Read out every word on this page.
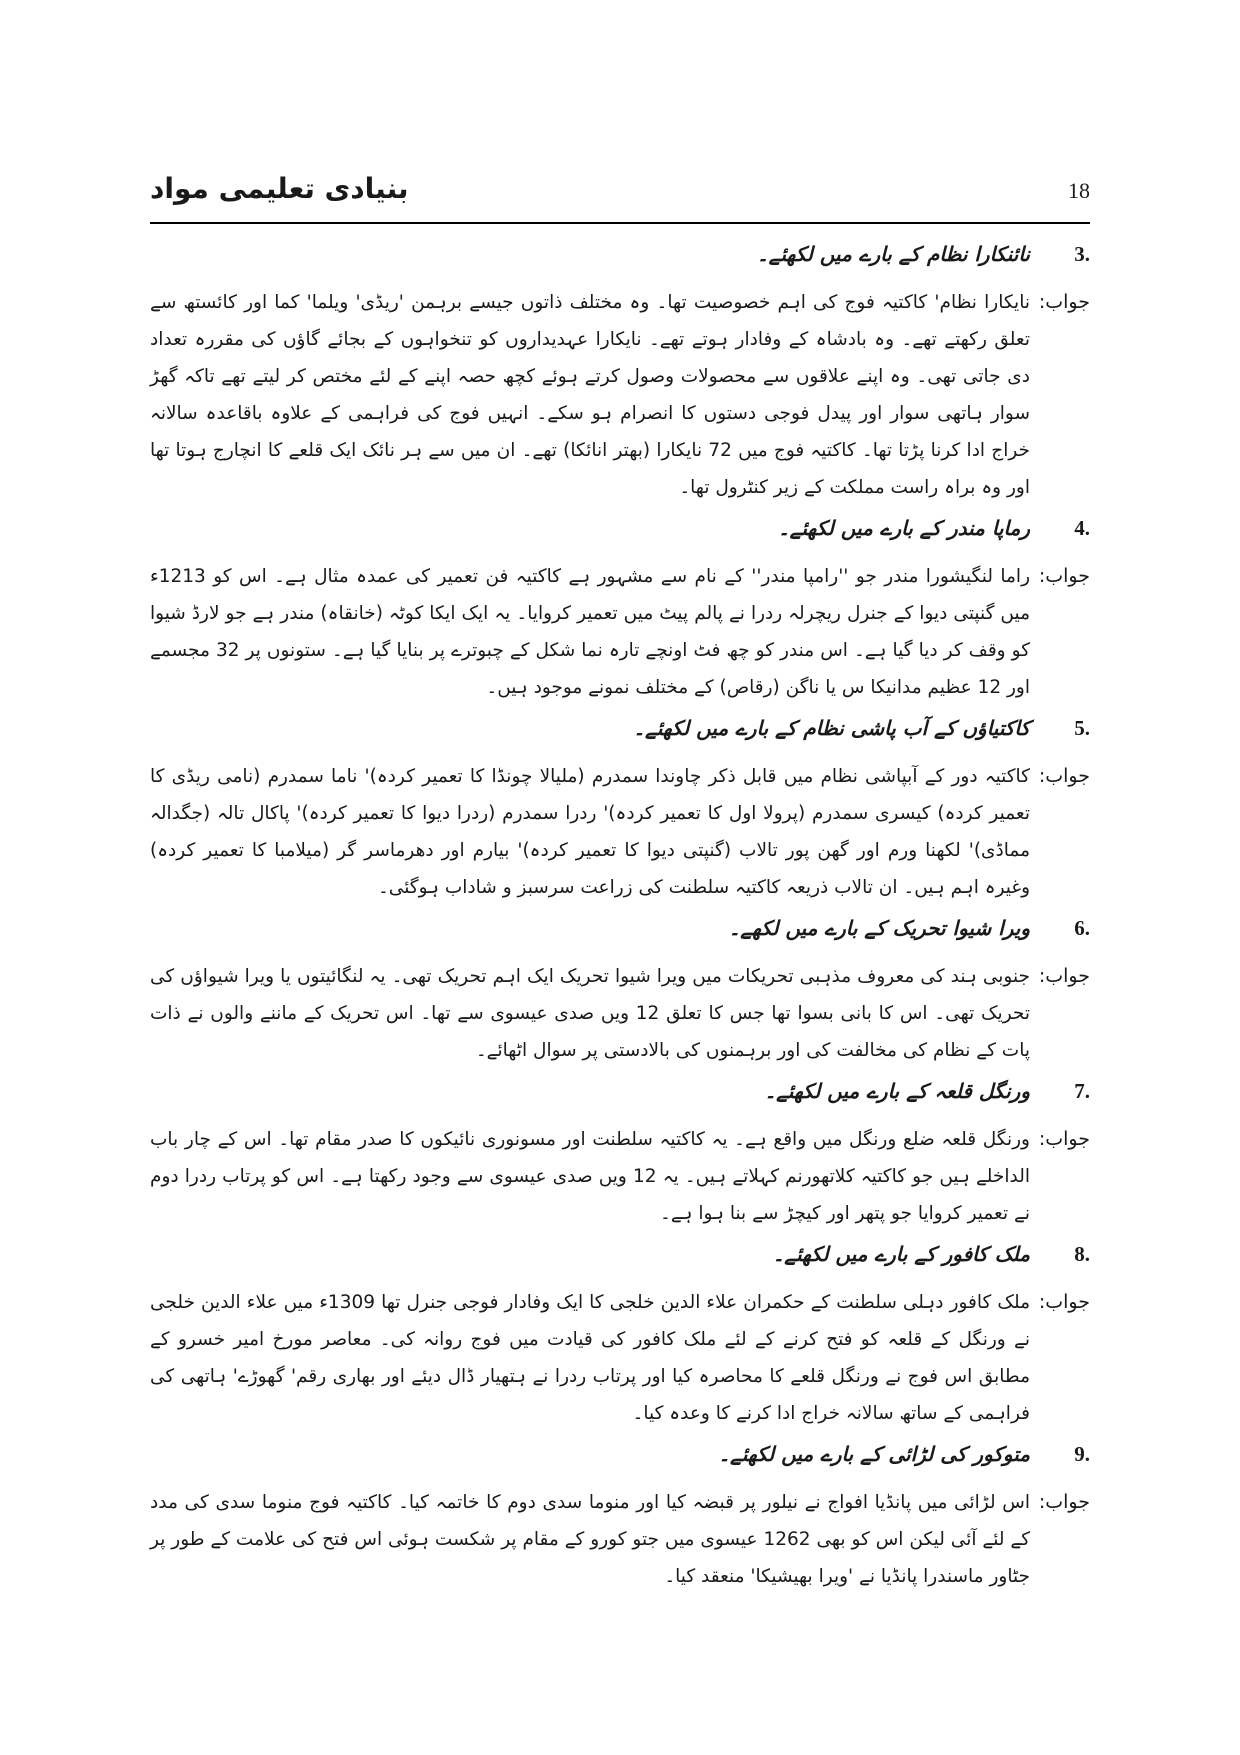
بنیادی تعلیمی مواد	18
3.
نائنکارا نظام کے بارے میں لکھئے۔
جواب:
نایکارا نظام' کاکتیہ فوج کی اہم خصوصیت تھا۔ وہ مختلف ذاتوں جیسے برہمن 'ریڈی' ویلما' کما اور کائستھ سے تعلق رکھتے تھے۔ وہ بادشاہ کے وفادار ہوتے تھے۔ نایکارا عہدیداروں کو تنخواہوں کے بجائے گاؤں کی مقررہ تعداد دی جاتی تھی۔ وہ اپنے علاقوں سے محصولات وصول کرتے ہوئے کچھ حصہ اپنے کے لئے مختص کر لیتے تھے تاکہ گھڑ سوار ہاتھی سوار اور پیدل فوجی دستوں کا انصرام ہو سکے۔ انہیں فوج کی فراہمی کے علاوہ باقاعدہ سالانہ خراج ادا کرنا پڑتا تھا۔ کاکتیہ فوج میں 72 نایکارا (بھتر انائکا) تھے۔ ان میں سے ہر نائک ایک قلعے کا انچارج ہوتا تھا اور وہ براہ راست مملکت کے زیر کنٹرول تھا۔
4.
رماپا مندر کے بارے میں لکھئے۔
جواب:
راما لنگیشورا مندر جو ''رامپا مندر'' کے نام سے مشہور ہے کاکتیہ فن تعمیر کی عمدہ مثال ہے۔ اس کو 1213ء میں گنپتی دیوا کے جنرل ریچرلہ ردرا نے پالم پیٹ میں تعمیر کروایا۔ یہ ایک ایکا کوٹہ (خانقاہ) مندر ہے جو لارڈ شیوا کو وقف کر دیا گیا ہے۔ اس مندر کو چھ فٹ اونچے تارہ نما شکل کے چبوترے پر بنایا گیا ہے۔ ستونوں پر 32 مجسمے اور 12 عظیم مدانیکا س یا ناگن (رقاص) کے مختلف نمونے موجود ہیں۔
5.
کاکتیاؤں کے آب پاشی نظام کے بارے میں لکھئے۔
جواب:
کاکتیہ دور کے آبپاشی نظام میں قابل ذکر چاوندا سمدرم (ملیالا چونڈا کا تعمیر کردہ)' ناما سمدرم (نامی ریڈی کا تعمیر کردہ) کیسری سمدرم (پرولا اول کا تعمیر کردہ)' ردرا سمدرم (ردرا دیوا کا تعمیر کردہ)' پاکال تالہ (جگدالہ مماڈی)' لکھنا ورم اور گھن پور تالاب (گنپتی دیوا کا تعمیر کردہ)' بیارم اور دھرماسر گر (میلامبا کا تعمیر کردہ) وغیرہ اہم ہیں۔ ان تالاب ذریعہ کاکتیہ سلطنت کی زراعت سرسبز و شاداب ہوگئی۔
6.
ویرا شیوا تحریک کے بارے میں لکھے۔
جواب:
جنوبی ہند کی معروف مذہبی تحریکات میں ویرا شیوا تحریک ایک اہم تحریک تھی۔ یہ لنگائیتوں یا ویرا شیواؤں کی تحریک تھی۔ اس کا بانی بسوا تھا جس کا تعلق 12 ویں صدی عیسوی سے تھا۔ اس تحریک کے ماننے والوں نے ذات پات کے نظام کی مخالفت کی اور برہمنوں کی بالادستی پر سوال اٹھائے۔
7.
ورنگل قلعہ کے بارے میں لکھئے۔
جواب:
ورنگل قلعہ ضلع ورنگل میں واقع ہے۔ یہ کاکتیہ سلطنت اور مسونوری نائیکوں کا صدر مقام تھا۔ اس کے چار باب الداخلے ہیں جو کاکتیہ کلاتھورنم کہلاتے ہیں۔ یہ 12 ویں صدی عیسوی سے وجود رکھتا ہے۔ اس کو پرتاب ردرا دوم نے تعمیر کروایا جو پتھر اور کیچڑ سے بنا ہوا ہے۔
8.
ملک کافور کے بارے میں لکھئے۔
جواب:
ملک کافور دہلی سلطنت کے حکمران علاء الدین خلجی کا ایک وفادار فوجی جنرل تھا 1309ء میں علاء الدین خلجی نے ورنگل کے قلعہ کو فتح کرنے کے لئے ملک کافور کی قیادت میں فوج روانہ کی۔ معاصر مورخ امیر خسرو کے مطابق اس فوج نے ورنگل قلعے کا محاصرہ کیا اور پرتاب ردرا نے ہتھیار ڈال دیئے اور بھاری رقم' گھوڑے' ہاتھی کی فراہمی کے ساتھ سالانہ خراج ادا کرنے کا وعدہ کیا۔
9.
متوکور کی لڑائی کے بارے میں لکھئے۔
جواب:
اس لڑائی میں پانڈیا افواج نے نیلور پر قبضہ کیا اور منوما سدی دوم کا خاتمہ کیا۔ کاکتیہ فوج منوما سدی کی مدد کے لئے آئی لیکن اس کو بھی 1262 عیسوی میں جتو کورو کے مقام پر شکست ہوئی اس فتح کی علامت کے طور پر جٹاور ماسندرا پانڈیا نے 'ویرا بھیشیکا' منعقد کیا۔
